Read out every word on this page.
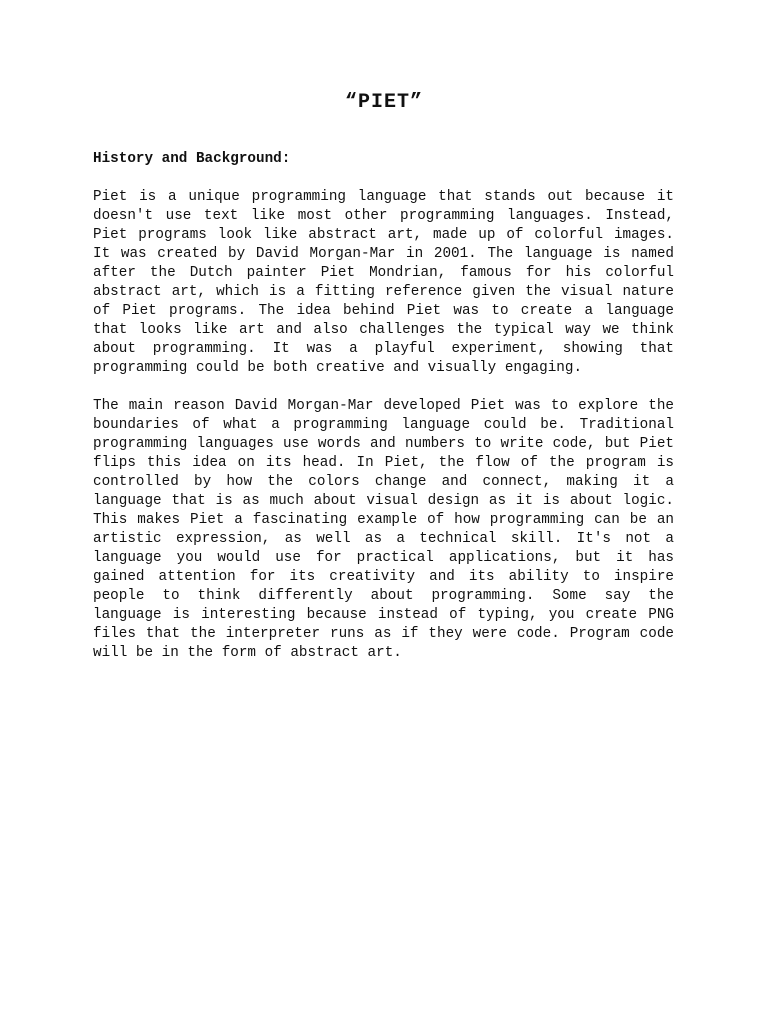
“PIET”

History and Background:

Piet is a unique programming language that stands out because it doesn't use text like most other programming languages. Instead, Piet programs look like abstract art, made up of colorful images. It was created by David Morgan-Mar in 2001. The language is named after the Dutch painter Piet Mondrian, famous for his colorful abstract art, which is a fitting reference given the visual nature of Piet programs. The idea behind Piet was to create a language that looks like art and also challenges the typical way we think about programming. It was a playful experiment, showing that programming could be both creative and visually engaging.

The main reason David Morgan-Mar developed Piet was to explore the boundaries of what a programming language could be. Traditional programming languages use words and numbers to write code, but Piet flips this idea on its head. In Piet, the flow of the program is controlled by how the colors change and connect, making it a language that is as much about visual design as it is about logic. This makes Piet a fascinating example of how programming can be an artistic expression, as well as a technical skill. It's not a language you would use for practical applications, but it has gained attention for its creativity and its ability to inspire people to think differently about programming. Some say the language is interesting because instead of typing, you create PNG files that the interpreter runs as if they were code. Program code will be in the form of abstract art.
